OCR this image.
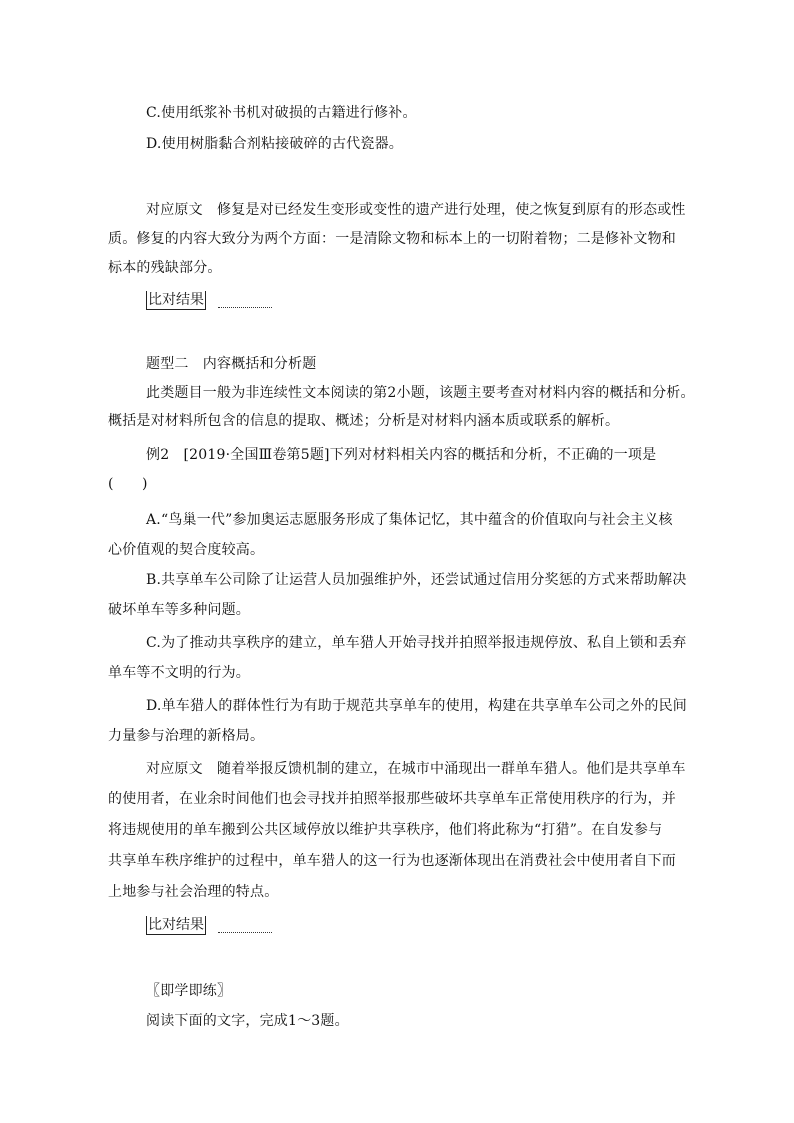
C.使用纸浆补书机对破损的古籍进行修补。
D.使用树脂黏合剂粘接破碎的古代瓷器。
对应原文　修复是对已经发生变形或变性的遗产进行处理，使之恢复到原有的形态或性
质。修复的内容大致分为两个方面：一是清除文物和标本上的一切附着物；二是修补文物和
标本的残缺部分。
比对结果
题型二　内容概括和分析题
此类题目一般为非连续性文本阅读的第2小题，该题主要考查对材料内容的概括和分析。
概括是对材料所包含的信息的提取、概述；分析是对材料内涵本质或联系的解析。
例2　[2019·全国Ⅲ卷第5题]下列对材料相关内容的概括和分析，不正确的一项是
(　　)
A.“鸟巢一代”参加奥运志愿服务形成了集体记忆，其中蕴含的价值取向与社会主义核
心价值观的契合度较高。
B.共享单车公司除了让运营人员加强维护外，还尝试通过信用分奖惩的方式来帮助解决
破坏单车等多种问题。
C.为了推动共享秩序的建立，单车猎人开始寻找并拍照举报违规停放、私自上锁和丢弃
单车等不文明的行为。
D.单车猎人的群体性行为有助于规范共享单车的使用，构建在共享单车公司之外的民间
力量参与治理的新格局。
对应原文　随着举报反馈机制的建立，在城市中涌现出一群单车猎人。他们是共享单车
的使用者，在业余时间他们也会寻找并拍照举报那些破坏共享单车正常使用秩序的行为，并
将违规使用的单车搬到公共区域停放以维护共享秩序，他们将此称为“打猎”。在自发参与
共享单车秩序维护的过程中，单车猎人的这一行为也逐渐体现出在消费社会中使用者自下而
上地参与社会治理的特点。
比对结果
〖即学即练〗
阅读下面的文字，完成1～3题。
